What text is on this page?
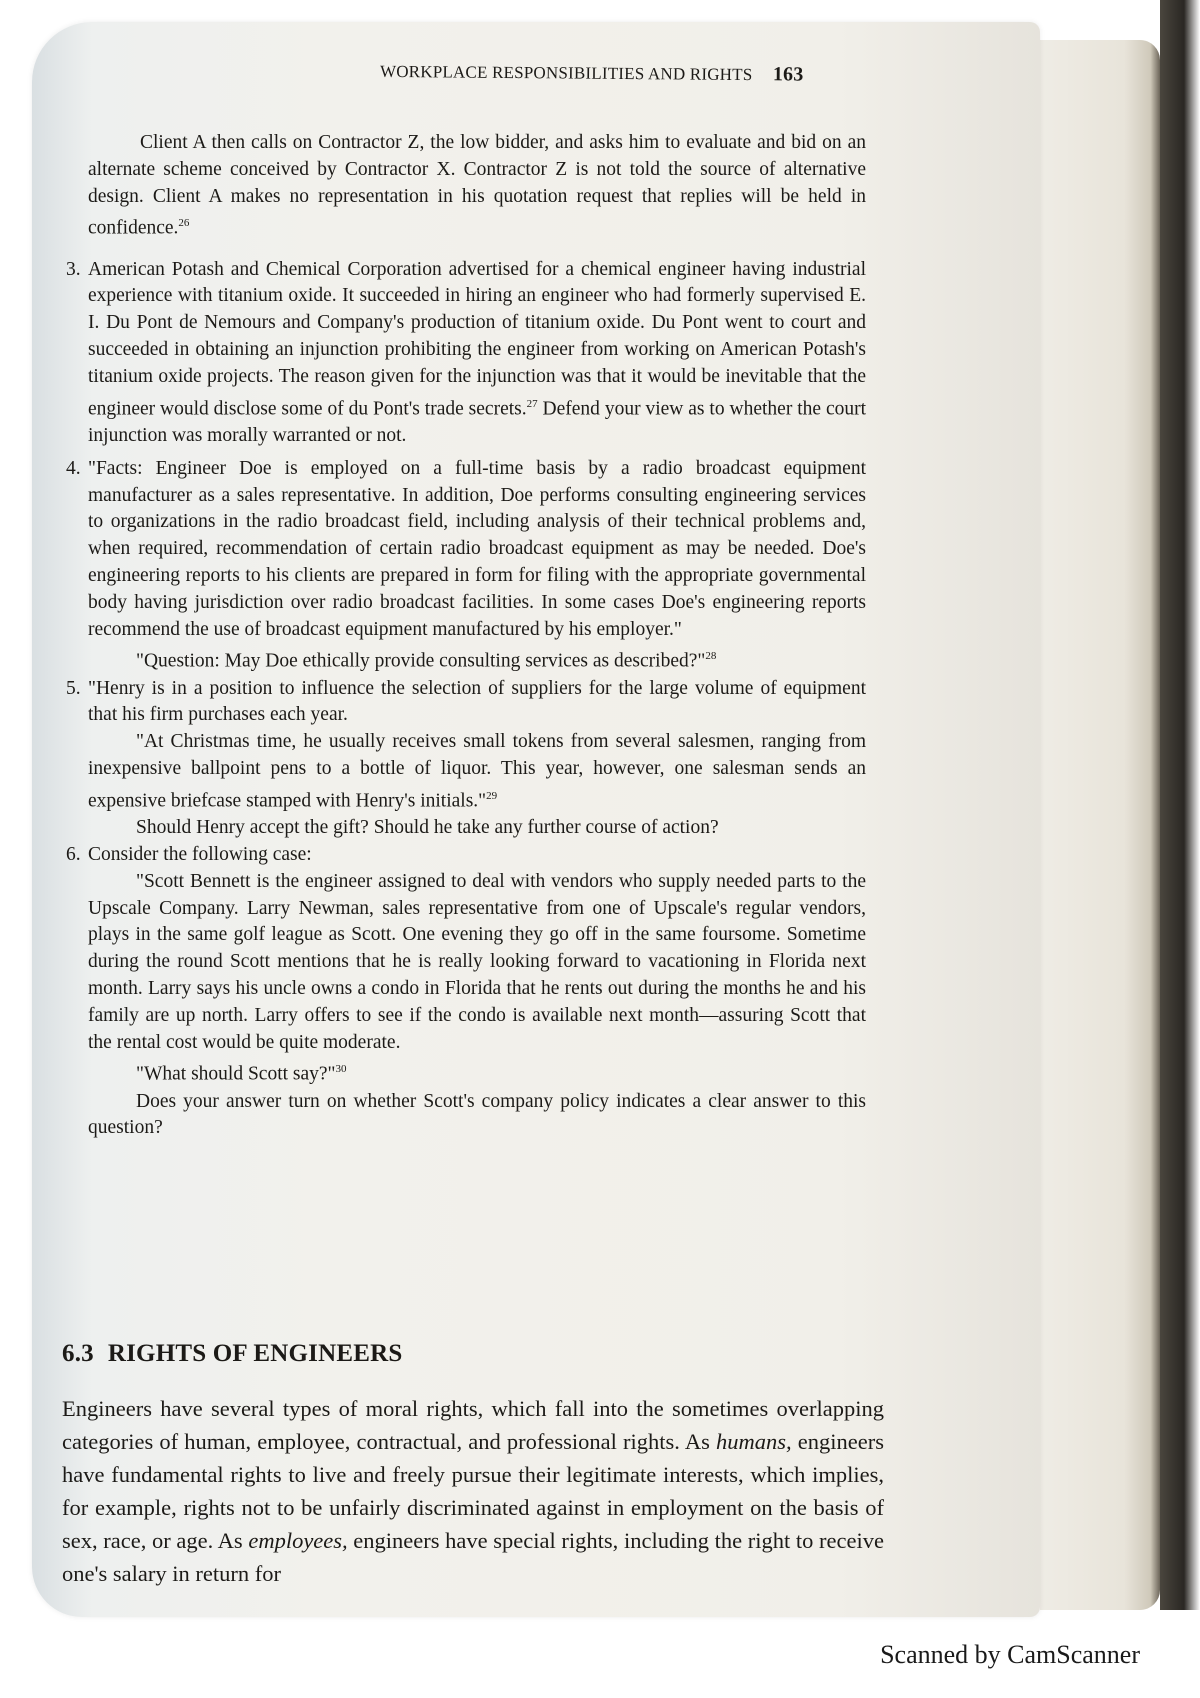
WORKPLACE RESPONSIBILITIES AND RIGHTS 163

Client A then calls on Contractor Z, the low bidder, and asks him to evaluate and bid on an alternate scheme conceived by Contractor X. Contractor Z is not told the source of alternative design. Client A makes no representation in his quotation request that replies will be held in confidence.$^{26}$

3. American Potash and Chemical Corporation advertised for a chemical engineer having industrial experience with titanium oxide. It succeeded in hiring an engineer who had formerly supervised E. I. Du Pont de Nemours and Company's production of titanium oxide. Du Pont went to court and succeeded in obtaining an injunction prohibiting the engineer from working on American Potash's titanium oxide projects. The reason given for the injunction was that it would be inevitable that the engineer would disclose some of du Pont's trade secrets.$^{27}$ Defend your view as to whether the court injunction was morally warranted or not.

4. "Facts: Engineer Doe is employed on a full-time basis by a radio broadcast equipment manufacturer as a sales representative. In addition, Doe performs consulting engineering services to organizations in the radio broadcast field, including analysis of their technical problems and, when required, recommendation of certain radio broadcast equipment as may be needed. Doe's engineering reports to his clients are prepared in form for filing with the appropriate governmental body having jurisdiction over radio broadcast facilities. In some cases Doe's engineering reports recommend the use of broadcast equipment manufactured by his employer."

"Question: May Doe ethically provide consulting services as described?"$^{28}$

5. "Henry is in a position to influence the selection of suppliers for the large volume of equipment that his firm purchases each year.

"At Christmas time, he usually receives small tokens from several salesmen, ranging from inexpensive ballpoint pens to a bottle of liquor. This year, however, one salesman sends an expensive briefcase stamped with Henry's initials."$^{29}$

Should Henry accept the gift? Should he take any further course of action?

6. Consider the following case:

"Scott Bennett is the engineer assigned to deal with vendors who supply needed parts to the Upscale Company. Larry Newman, sales representative from one of Upscale's regular vendors, plays in the same golf league as Scott. One evening they go off in the same foursome. Sometime during the round Scott mentions that he is really looking forward to vacationing in Florida next month. Larry says his uncle owns a condo in Florida that he rents out during the months he and his family are up north. Larry offers to see if the condo is available next month—assuring Scott that the rental cost would be quite moderate.

"What should Scott say?"$^{30}$

Does your answer turn on whether Scott's company policy indicates a clear answer to this question?

6.3 RIGHTS OF ENGINEERS

Engineers have several types of moral rights, which fall into the sometimes overlapping categories of human, employee, contractual, and professional rights. As humans, engineers have fundamental rights to live and freely pursue their legitimate interests, which implies, for example, rights not to be unfairly discriminated against in employment on the basis of sex, race, or age. As employees, engineers have special rights, including the right to receive one's salary in return for

Scanned by CamScanner
